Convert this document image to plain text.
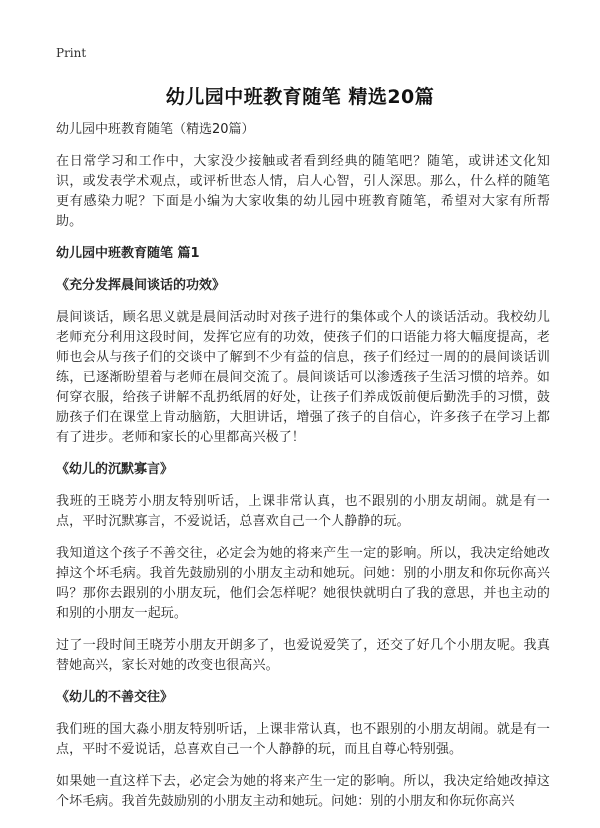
Print
幼儿园中班教育随笔 精选20篇
幼儿园中班教育随笔（精选20篇）

在日常学习和工作中，大家没少接触或者看到经典的随笔吧？随笔，或讲述文化知识，或发表学术观点，或评析世态人情，启人心智，引人深思。那么，什么样的随笔更有感染力呢？下面是小编为大家收集的幼儿园中班教育随笔，希望对大家有所帮助。

幼儿园中班教育随笔 篇1
《充分发挥晨间谈话的功效》

晨间谈话，顾名思义就是晨间活动时对孩子进行的集体或个人的谈话活动。我校幼儿老师充分利用这段时间，发挥它应有的功效，使孩子们的口语能力将大幅度提高，老师也会从与孩子们的交谈中了解到不少有益的信息，孩子们经过一周的的晨间谈话训练，已逐渐盼望着与老师在晨间交流了。晨间谈话可以渗透孩子生活习惯的培养。如何穿衣服，给孩子讲解不乱扔纸屑的好处，让孩子们养成饭前便后勤洗手的习惯，鼓励孩子们在课堂上肯动脑筋，大胆讲话，增强了孩子的自信心，许多孩子在学习上都有了进步。老师和家长的心里都高兴极了！

《幼儿的沉默寡言》

我班的王晓芳小朋友特别听话，上课非常认真，也不跟别的小朋友胡闹。就是有一点，平时沉默寡言，不爱说话，总喜欢自己一个人静静的玩。

我知道这个孩子不善交往，必定会为她的将来产生一定的影响。所以，我决定给她改掉这个坏毛病。我首先鼓励别的小朋友主动和她玩。问她：别的小朋友和你玩你高兴吗？那你去跟别的小朋友玩，他们会怎样呢？她很快就明白了我的意思，并也主动的和别的小朋友一起玩。

过了一段时间王晓芳小朋友开朗多了，也爱说爱笑了，还交了好几个小朋友呢。我真替她高兴，家长对她的改变也很高兴。

《幼儿的不善交往》

我们班的国大淼小朋友特别听话，上课非常认真，也不跟别的小朋友胡闹。就是有一点，平时不爱说话，总喜欢自己一个人静静的玩，而且自尊心特别强。

如果她一直这样下去，必定会为她的将来产生一定的影响。所以，我决定给她改掉这个坏毛病。我首先鼓励别的小朋友主动和她玩。问她：别的小朋友和你玩你高兴
